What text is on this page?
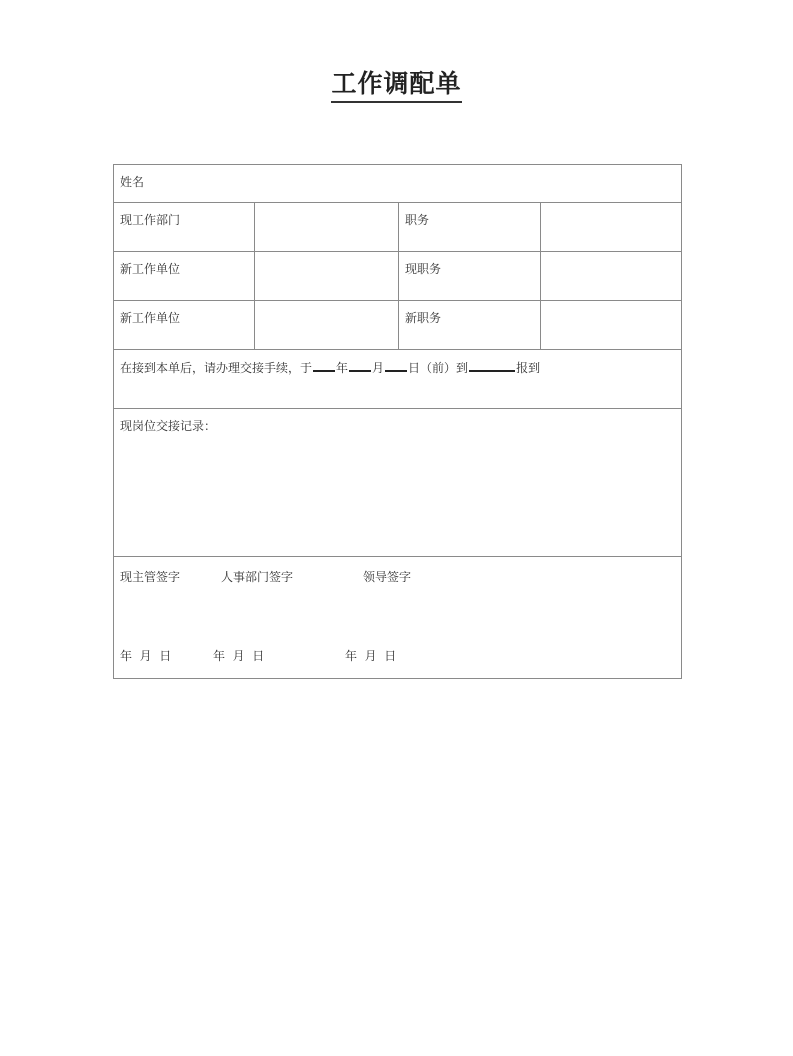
工作调配单
姓名
现工作部门	职务
新工作单位	现职务
新工作单位	新职务
在接到本单后，请办理交接手续，于 年 月 日（前）到	报到
现岗位交接记录：
现主管签字	人事部门签字	领导签字
年  月  日	年  月  日	年  月  日
